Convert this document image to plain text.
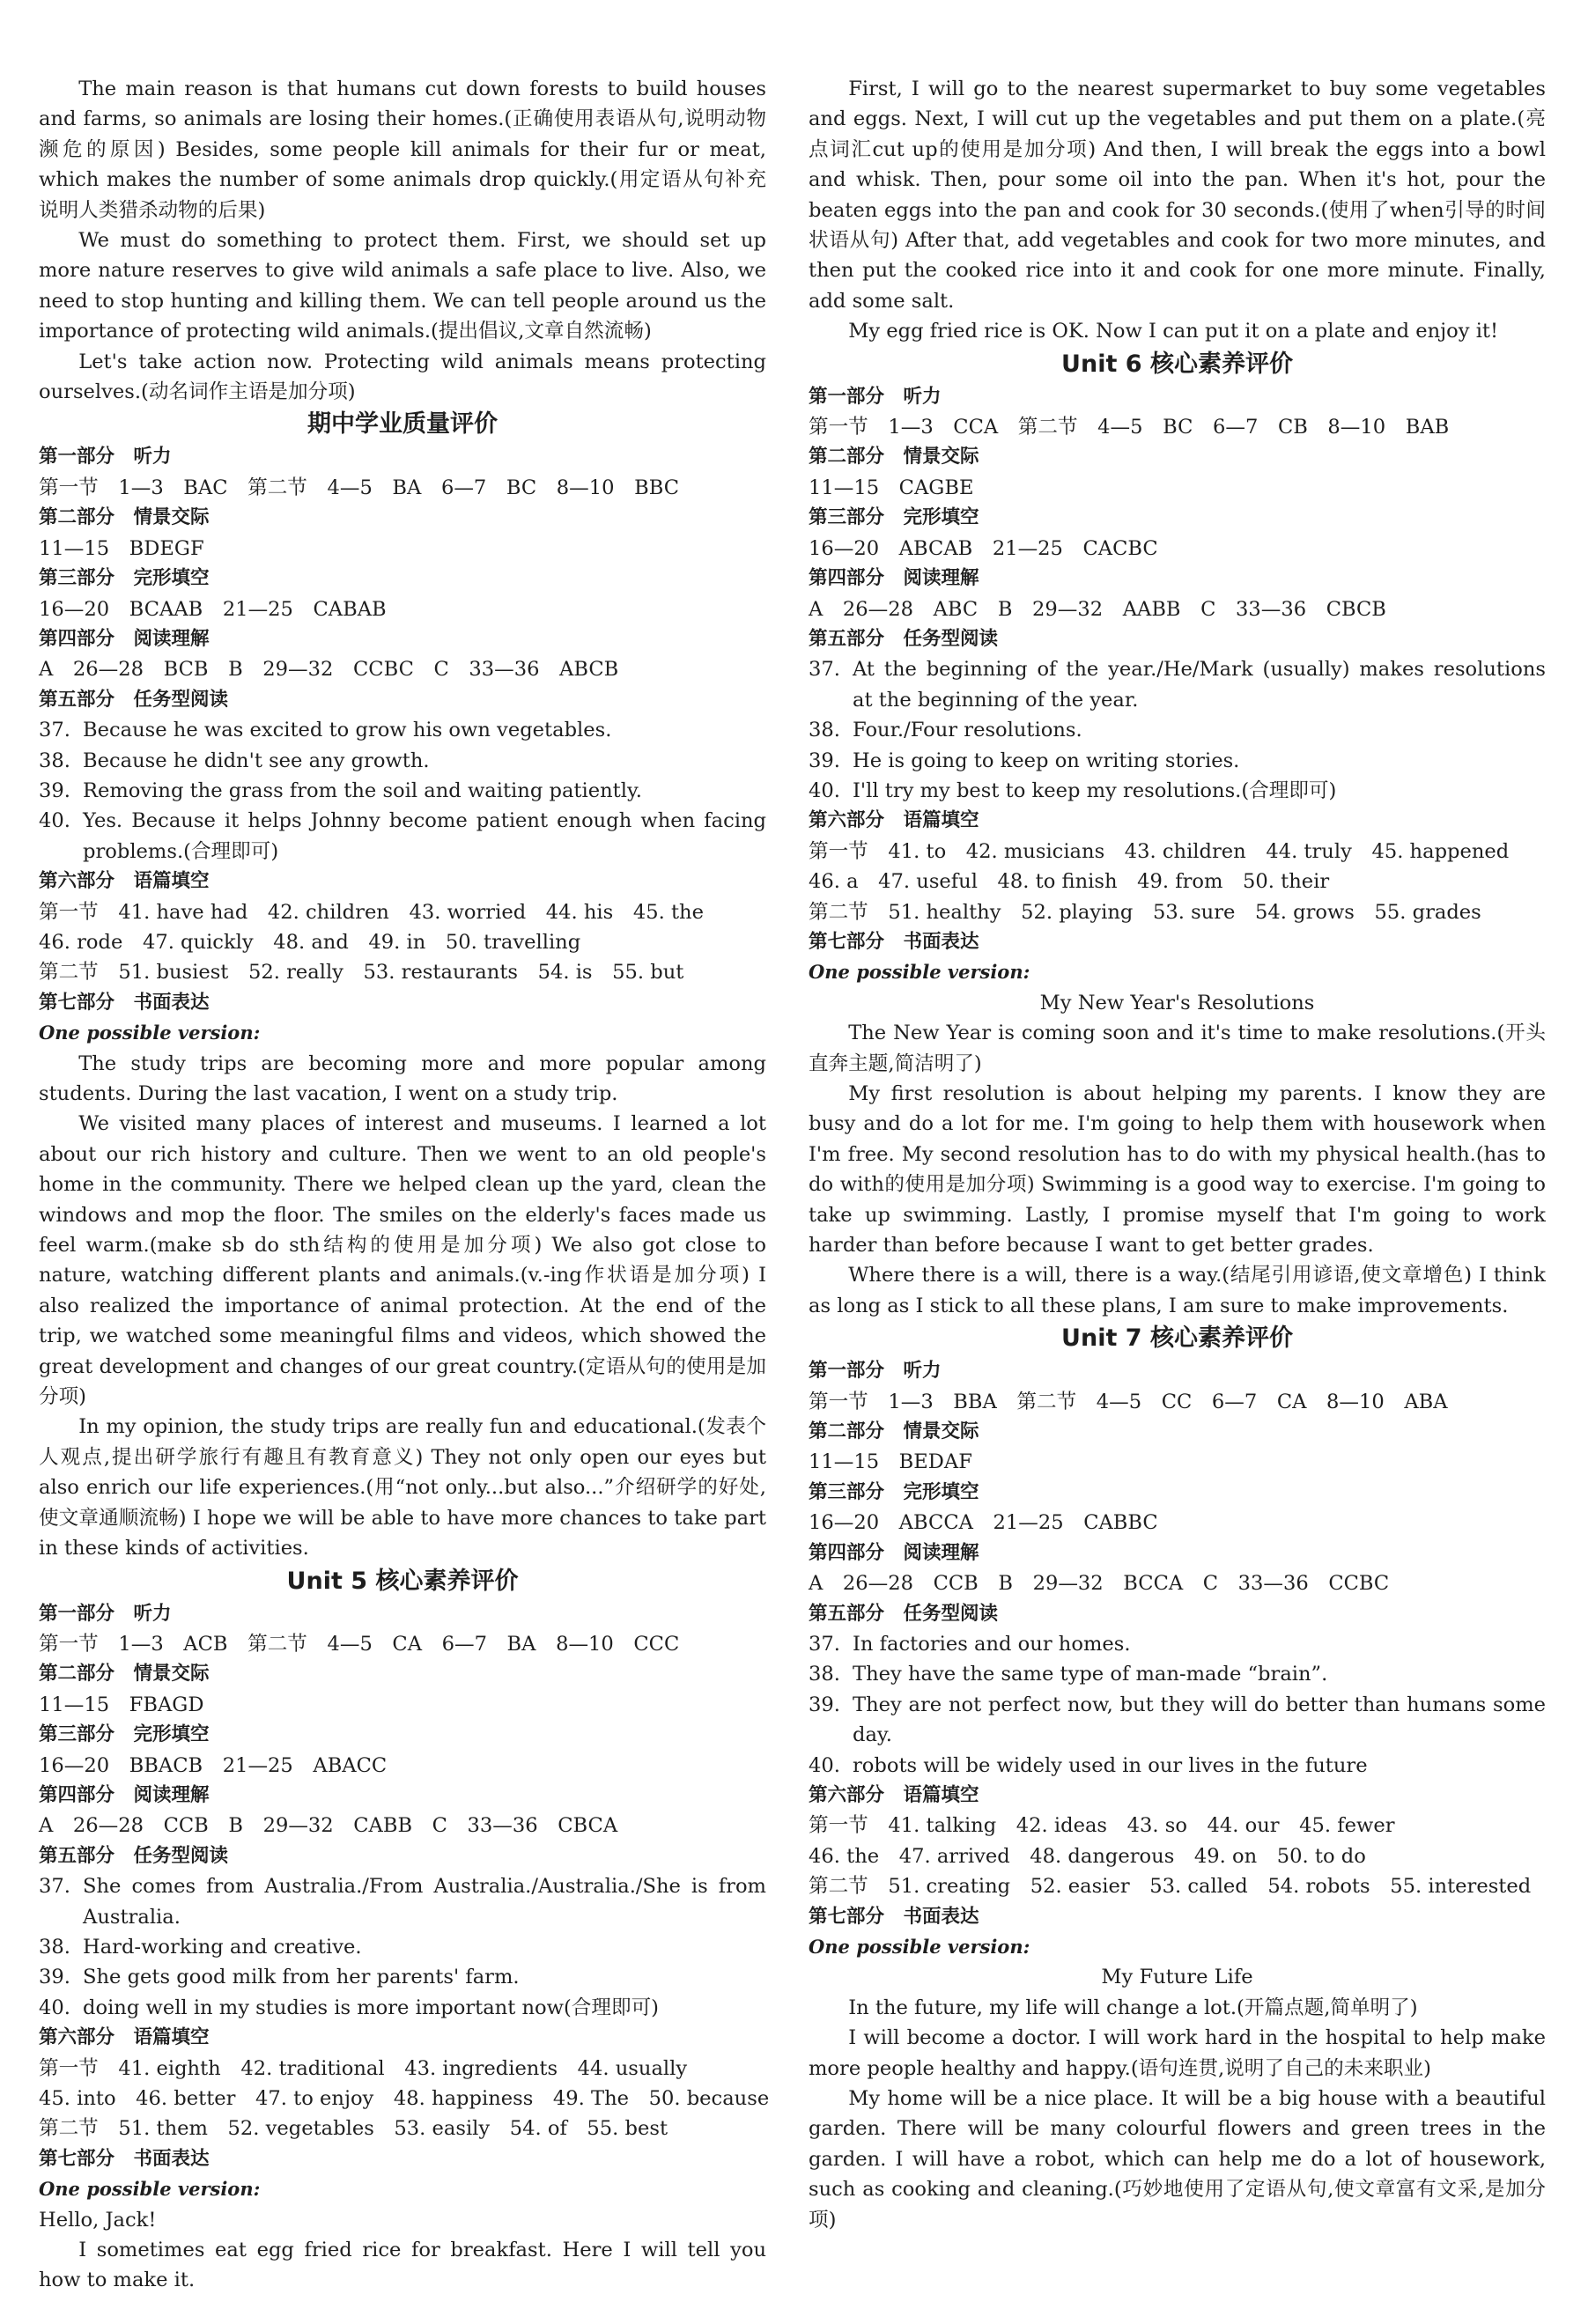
The main reason is that humans cut down forests to build houses and farms, so animals are losing their homes.(正确使用表语从句,说明动物濒危的原因) Besides, some people kill animals for their fur or meat, which makes the number of some animals drop quickly.(用定语从句补充说明人类猎杀动物的后果)

We must do something to protect them. First, we should set up more nature reserves to give wild animals a safe place to live. Also, we need to stop hunting and killing them. We can tell people around us the importance of protecting wild animals.(提出倡议,文章自然流畅)

Let's take action now. Protecting wild animals means protecting ourselves.(动名词作主语是加分项)

期中学业质量评价

第一部分　听力

第一节　1—3　BAC　第二节　4—5　BA　6—7　BC　8—10　BBC

第二部分　情景交际

11—15　BDEGF

第三部分　完形填空

16—20　BCAAB　21—25　CABAB

第四部分　阅读理解

A　26—28　BCB　B　29—32　CCBC　C　33—36　ABCB

第五部分　任务型阅读

37. Because he was excited to grow his own vegetables.

38. Because he didn't see any growth.

39. Removing the grass from the soil and waiting patiently.

40. Yes. Because it helps Johnny become patient enough when facing problems.(合理即可)

第六部分　语篇填空

第一节　41. have had　42. children　43. worried　44. his　45. the

46. rode　47. quickly　48. and　49. in　50. travelling

第二节　51. busiest　52. really　53. restaurants　54. is　55. but

第七部分　书面表达

One possible version:

The study trips are becoming more and more popular among students. During the last vacation, I went on a study trip.

We visited many places of interest and museums. I learned a lot about our rich history and culture. Then we went to an old people's home in the community. There we helped clean up the yard, clean the windows and mop the floor. The smiles on the elderly's faces made us feel warm.(make sb do sth结构的使用是加分项) We also got close to nature, watching different plants and animals.(v.-ing作状语是加分项) I also realized the importance of animal protection. At the end of the trip, we watched some meaningful films and videos, which showed the great development and changes of our great country.(定语从句的使用是加分项)

In my opinion, the study trips are really fun and educational.(发表个人观点,提出研学旅行有趣且有教育意义) They not only open our eyes but also enrich our life experiences.(用“not only...but also...”介绍研学的好处,使文章通顺流畅) I hope we will be able to have more chances to take part in these kinds of activities.

Unit 5 核心素养评价

第一部分　听力

第一节　1—3　ACB　第二节　4—5　CA　6—7　BA　8—10　CCC

第二部分　情景交际

11—15　FBAGD

第三部分　完形填空

16—20　BBACB　21—25　ABACC

第四部分　阅读理解

A　26—28　CCB　B　29—32　CABB　C　33—36　CBCA

第五部分　任务型阅读

37. She comes from Australia./From Australia./Australia./She is from Australia.

38. Hard-working and creative.

39. She gets good milk from her parents' farm.

40. doing well in my studies is more important now(合理即可)

第六部分　语篇填空

第一节　41. eighth　42. traditional　43. ingredients　44. usually

45. into　46. better　47. to enjoy　48. happiness　49. The　50. because

第二节　51. them　52. vegetables　53. easily　54. of　55. best

第七部分　书面表达

One possible version:

Hello, Jack!

I sometimes eat egg fried rice for breakfast. Here I will tell you how to make it.

First, I will go to the nearest supermarket to buy some vegetables and eggs. Next, I will cut up the vegetables and put them on a plate.(亮点词汇cut up的使用是加分项) And then, I will break the eggs into a bowl and whisk. Then, pour some oil into the pan. When it's hot, pour the beaten eggs into the pan and cook for 30 seconds.(使用了when引导的时间状语从句) After that, add vegetables and cook for two more minutes, and then put the cooked rice into it and cook for one more minute. Finally, add some salt.

My egg fried rice is OK. Now I can put it on a plate and enjoy it!

Unit 6 核心素养评价

第一部分　听力

第一节　1—3　CCA　第二节　4—5　BC　6—7　CB　8—10　BAB

第二部分　情景交际

11—15　CAGBE

第三部分　完形填空

16—20　ABCAB　21—25　CACBC

第四部分　阅读理解

A　26—28　ABC　B　29—32　AABB　C　33—36　CBCB

第五部分　任务型阅读

37. At the beginning of the year./He/Mark (usually) makes resolutions at the beginning of the year.

38. Four./Four resolutions.

39. He is going to keep on writing stories.

40. I'll try my best to keep my resolutions.(合理即可)

第六部分　语篇填空

第一节　41. to　42. musicians　43. children　44. truly　45. happened

46. a　47. useful　48. to finish　49. from　50. their

第二节　51. healthy　52. playing　53. sure　54. grows　55. grades

第七部分　书面表达

One possible version:

My New Year's Resolutions

The New Year is coming soon and it's time to make resolutions.(开头直奔主题,简洁明了)

My first resolution is about helping my parents. I know they are busy and do a lot for me. I'm going to help them with housework when I'm free. My second resolution has to do with my physical health.(has to do with的使用是加分项) Swimming is a good way to exercise. I'm going to take up swimming. Lastly, I promise myself that I'm going to work harder than before because I want to get better grades.

Where there is a will, there is a way.(结尾引用谚语,使文章增色) I think as long as I stick to all these plans, I am sure to make improvements.

Unit 7 核心素养评价

第一部分　听力

第一节　1—3　BBA　第二节　4—5　CC　6—7　CA　8—10　ABA

第二部分　情景交际

11—15　BEDAF

第三部分　完形填空

16—20　ABCCA　21—25　CABBC

第四部分　阅读理解

A　26—28　CCB　B　29—32　BCCA　C　33—36　CCBC

第五部分　任务型阅读

37. In factories and our homes.

38. They have the same type of man-made “brain”.

39. They are not perfect now, but they will do better than humans some day.

40. robots will be widely used in our lives in the future

第六部分　语篇填空

第一节　41. talking　42. ideas　43. so　44. our　45. fewer

46. the　47. arrived　48. dangerous　49. on　50. to do

第二节　51. creating　52. easier　53. called　54. robots　55. interested

第七部分　书面表达

One possible version:

My Future Life

In the future, my life will change a lot.(开篇点题,简单明了)

I will become a doctor. I will work hard in the hospital to help make more people healthy and happy.(语句连贯,说明了自己的未来职业)

My home will be a nice place. It will be a big house with a beautiful garden. There will be many colourful flowers and green trees in the garden. I will have a robot, which can help me do a lot of housework, such as cooking and cleaning.(巧妙地使用了定语从句,使文章富有文采,是加分项)
